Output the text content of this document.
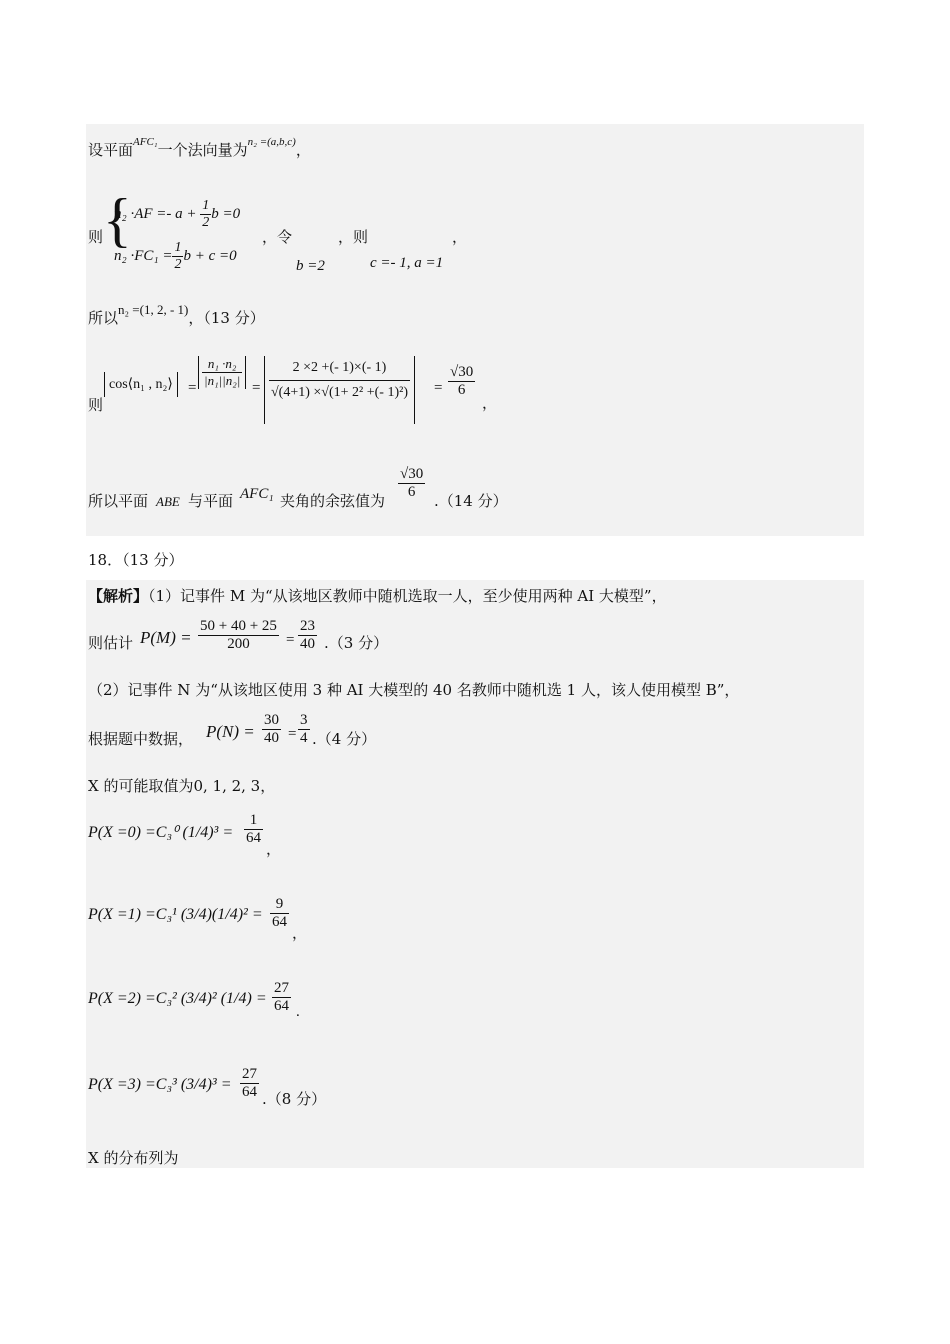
设平面$^{AFC_1}$一个法向量为$^{n_2 =(a,b,c)}$，
则 {
$n_2 \cdot AF =- a + \frac{1}{2}$ b =0
$n_2 \cdot FC_1 = \frac{1}{2}$ b + c =0
，令
b =2
，则
c =- 1, a =1
，
所以n₂ =(1, 2, - 1)，（13 分）
则
cos⟨n₁ , n₂⟩	= $\frac{\text{n₁ ·n₂}}{\text{|n₁||n₂|}} = \frac{2 \times 2 +(- 1)\times(- 1)}{\text{√(4+1) ×√(1+ 2² +(- 1)²)}} = \frac{√30}{6}$
，
所以平面 ABE 与平面 AFC₁ 夹角的余弦值为 $\frac{√30}{6} .(14$ 分）
18．（13 分）
【解析】（1）记事件 M 为“从该地区教师中随机选取一人，至少使用两种 AI 大模型”，
则估计 $P(M) = \frac{50 + 40 + 25}{200} = \frac{23}{40} .(3$ 分）
（2）记事件 N 为“从该地区使用 3 种 AI 大模型的 40 名教师中随机选 1 人，该人使用模型 B”，
根据题中数据， $P(N) = \frac{30}{40} = \frac{3}{4} .(4$ 分）
X 的可能取值为0, 1, 2, 3，
P(X =0) =C₃⁰ $(1/4)^3 = \frac{1}{64}$
，
P(X =1) =C₃¹ $(3/4)(1/4)^2 = \frac{9}{64}$
，
P(X =2) =C₃² (3/4)² $(1/4) = \frac{27}{64}$ .
P(X =3) =C₃³ $(3/4)^3 = \frac{27}{64} .(8$ 分）
X 的分布列为
